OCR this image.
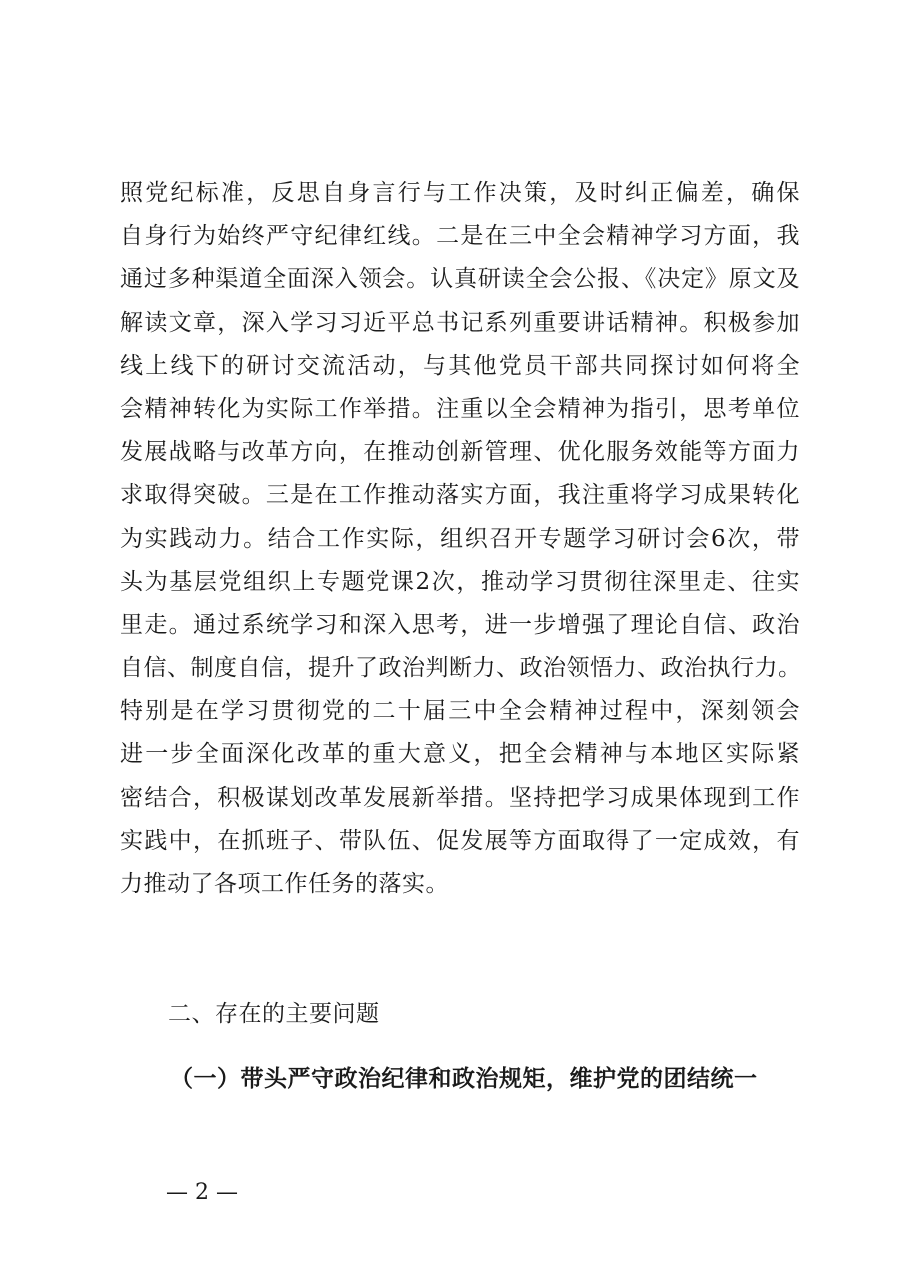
照党纪标准，反思自身言行与工作决策，及时纠正偏差，确保
自身行为始终严守纪律红线。二是在三中全会精神学习方面，我
通过多种渠道全面深入领会。认真研读全会公报、《决定》原文及
解读文章，深入学习习近平总书记系列重要讲话精神。积极参加
线上线下的研讨交流活动，与其他党员干部共同探讨如何将全
会精神转化为实际工作举措。注重以全会精神为指引，思考单位
发展战略与改革方向，在推动创新管理、优化服务效能等方面力
求取得突破。三是在工作推动落实方面，我注重将学习成果转化
为实践动力。结合工作实际，组织召开专题学习研讨会6次，带
头为基层党组织上专题党课2次，推动学习贯彻往深里走、往实
里走。通过系统学习和深入思考，进一步增强了理论自信、政治
自信、制度自信，提升了政治判断力、政治领悟力、政治执行力。
特别是在学习贯彻党的二十届三中全会精神过程中，深刻领会
进一步全面深化改革的重大意义，把全会精神与本地区实际紧
密结合，积极谋划改革发展新举措。坚持把学习成果体现到工作
实践中，在抓班子、带队伍、促发展等方面取得了一定成效，有
力推动了各项工作任务的落实。
二、存在的主要问题
（一）带头严守政治纪律和政治规矩，维护党的团结统一
— 2 —
